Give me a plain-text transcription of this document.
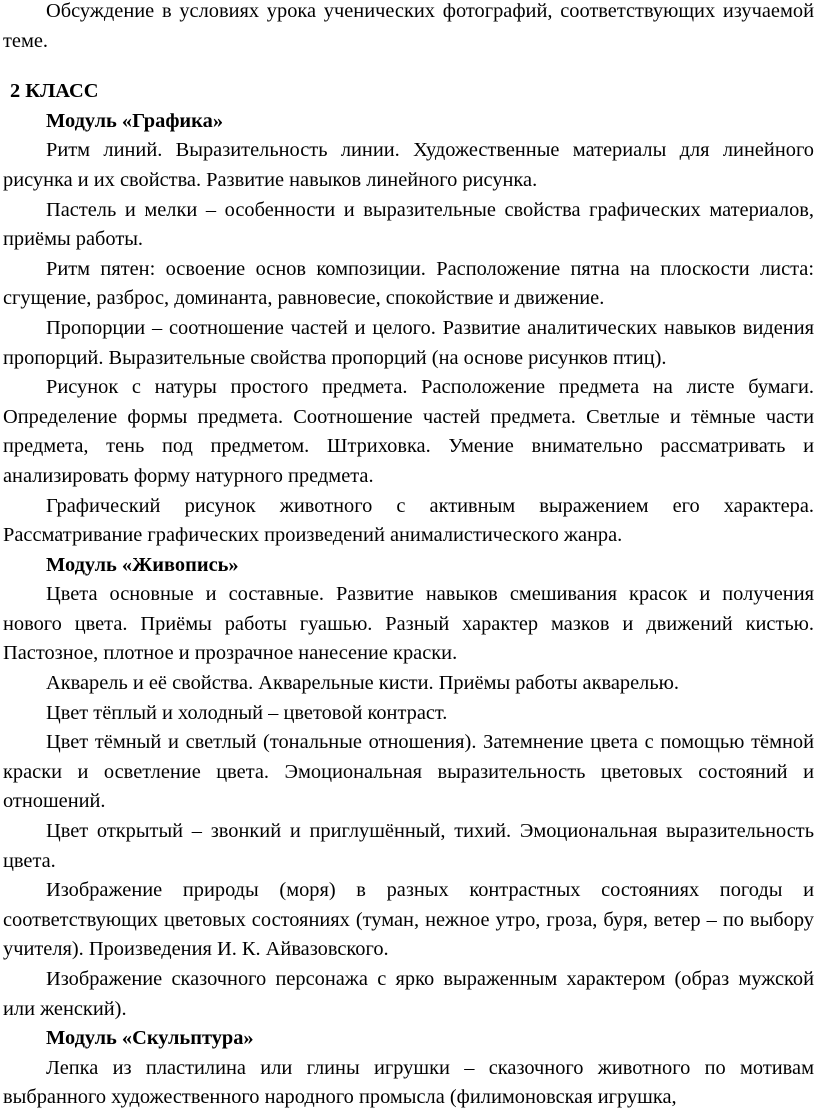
Обсуждение в условиях урока ученических фотографий, соответствующих изучаемой теме.

2 КЛАСС

Модуль «Графика»

Ритм линий. Выразительность линии. Художественные материалы для линейного рисунка и их свойства. Развитие навыков линейного рисунка.

Пастель и мелки – особенности и выразительные свойства графических материалов, приёмы работы.

Ритм пятен: освоение основ композиции. Расположение пятна на плоскости листа: сгущение, разброс, доминанта, равновесие, спокойствие и движение.

Пропорции – соотношение частей и целого. Развитие аналитических навыков видения пропорций. Выразительные свойства пропорций (на основе рисунков птиц).

Рисунок с натуры простого предмета. Расположение предмета на листе бумаги. Определение формы предмета. Соотношение частей предмета. Светлые и тёмные части предмета, тень под предметом. Штриховка. Умение внимательно рассматривать и анализировать форму натурного предмета.

Графический рисунок животного с активным выражением его характера. Рассматривание графических произведений анималистического жанра.

Модуль «Живопись»

Цвета основные и составные. Развитие навыков смешивания красок и получения нового цвета. Приёмы работы гуашью. Разный характер мазков и движений кистью. Пастозное, плотное и прозрачное нанесение краски.

Акварель и её свойства. Акварельные кисти. Приёмы работы акварелью.

Цвет тёплый и холодный – цветовой контраст.

Цвет тёмный и светлый (тональные отношения). Затемнение цвета с помощью тёмной краски и осветление цвета. Эмоциональная выразительность цветовых состояний и отношений.

Цвет открытый – звонкий и приглушённый, тихий. Эмоциональная выразительность цвета.

Изображение природы (моря) в разных контрастных состояниях погоды и соответствующих цветовых состояниях (туман, нежное утро, гроза, буря, ветер – по выбору учителя). Произведения И. К. Айвазовского.

Изображение сказочного персонажа с ярко выраженным характером (образ мужской или женский).

Модуль «Скульптура»

Лепка из пластилина или глины игрушки – сказочного животного по мотивам выбранного художественного народного промысла (филимоновская игрушка,
